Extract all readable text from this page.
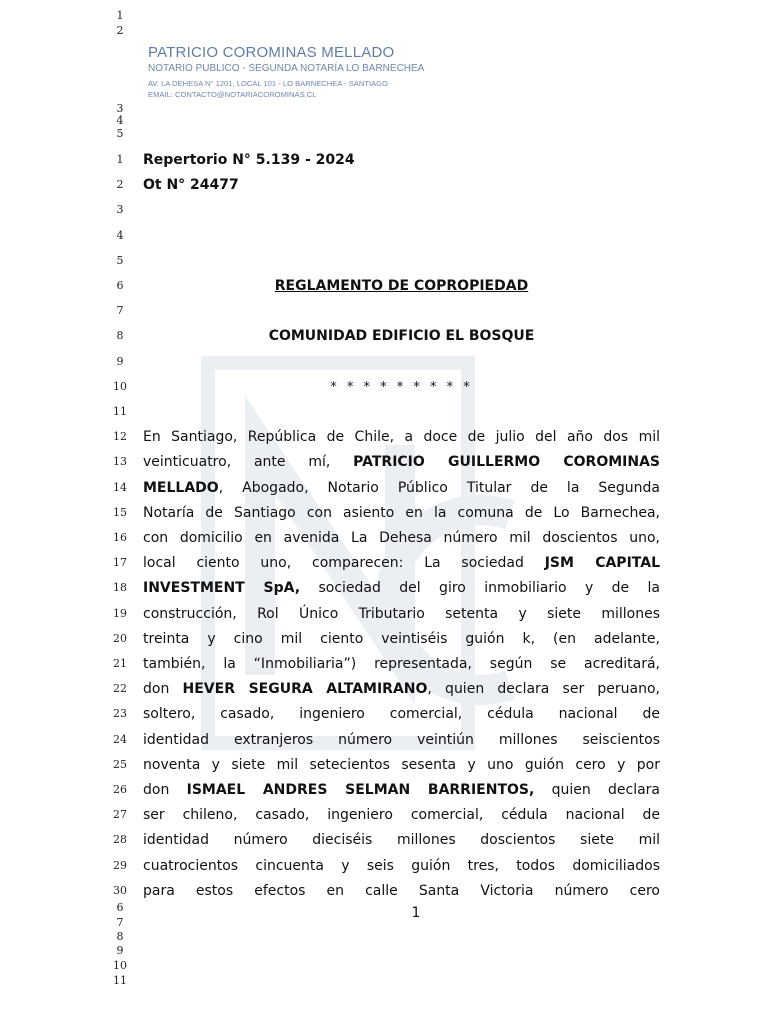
1
2
3
4
5
PATRICIO COROMINAS MELLADO
NOTARIO PUBLICO - SEGUNDA NOTARÍA LO BARNECHEA
AV. LA DEHESA N° 1201, LOCAL 101 - LO BARNECHEA - SANTIAGO
EMAIL: CONTACTO@NOTARIACOROMINAS.CL
1	Repertorio N° 5.139 - 2024
2	Ot N° 24477
3
4
5
6	REGLAMENTO DE COPROPIEDAD
7
8	COMUNIDAD EDIFICIO EL BOSQUE
9
10	* * * * * * * * *
11
12	En Santiago, República de Chile, a doce de julio del año dos mil
13	veinticuatro, ante mí, PATRICIO GUILLERMO COROMINAS
14	MELLADO, Abogado, Notario Público Titular de la Segunda
15	Notaría de Santiago con asiento en la comuna de Lo Barnechea,
16	con domicilio en avenida La Dehesa número mil doscientos uno,
17	local ciento uno, comparecen: La sociedad JSM CAPITAL
18	INVESTMENT SpA, sociedad del giro inmobiliario y de la
19	construcción, Rol Único Tributario setenta y siete millones
20	treinta y cino mil ciento veintiséis guión k, (en adelante,
21	también, la “Inmobiliaria”) representada, según se acreditará,
22	don HEVER SEGURA ALTAMIRANO, quien declara ser peruano,
23	soltero, casado, ingeniero comercial, cédula nacional de
24	identidad extranjeros número veintiún millones seiscientos
25	noventa y siete mil setecientos sesenta y uno guión cero y por
26	don ISMAEL ANDRES SELMAN BARRIENTOS, quien declara
27	ser chileno, casado, ingeniero comercial, cédula nacional de
28	identidad número dieciséis millones doscientos siete mil
29	cuatrocientos cincuenta y seis guión tres, todos domiciliados
30	para estos efectos en calle Santa Victoria número cero
1
6
7
8
9
10
11
